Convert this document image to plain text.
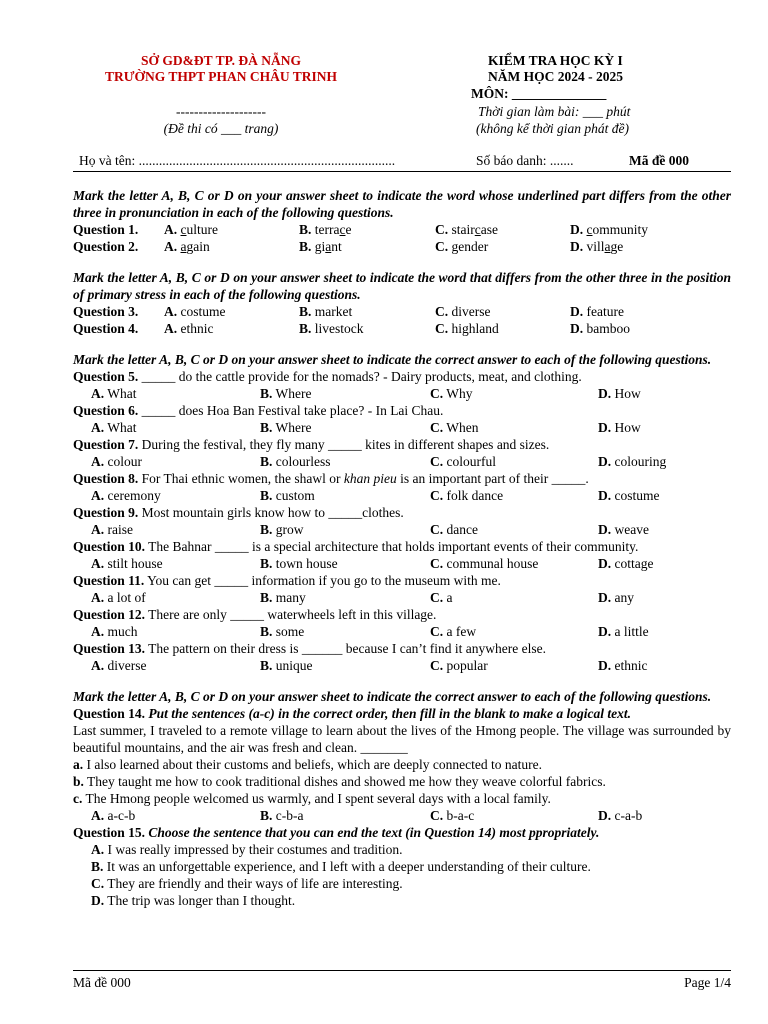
SỞ GD&ĐT TP. ĐÀ NẴNG
TRƯỜNG THPT PHAN CHÂU TRINH
--------------------
(Đề thi có ___ trang)
KIỂM TRA HỌC KỲ I
NĂM HỌC 2024 - 2025
MÔN: ______________
Thời gian làm bài: ___ phút
(không kể thời gian phát đề)
Họ và tên: ............................................................................	Số báo danh: .......	Mã đề 000
Mark the letter A, B, C or D on your answer sheet to indicate the word whose underlined part differs from the other three in pronunciation in each of the following questions.
Question 1. A. culture	B. terrace	C. staircase	D. community
Question 2. A. again	B. giant	C. gender	D. village
Mark the letter A, B, C or D on your answer sheet to indicate the word that differs from the other three in the position of primary stress in each of the following questions.
Question 3. A. costume	B. market	C. diverse	D. feature
Question 4. A. ethnic	B. livestock	C. highland	D. bamboo
Mark the letter A, B, C or D on your answer sheet to indicate the correct answer to each of the following questions.
Question 5. _____ do the cattle provide for the nomads? - Dairy products, meat, and clothing.
A. What	B. Where	C. Why	D. How
Question 6. _____ does Hoa Ban Festival take place? - In Lai Chau.
A. What	B. Where	C. When	D. How
Question 7. During the festival, they fly many _____ kites in different shapes and sizes.
A. colour	B. colourless	C. colourful	D. colouring
Question 8. For Thai ethnic women, the shawl or khan pieu is an important part of their _____.
A. ceremony	B. custom	C. folk dance	D. costume
Question 9. Most mountain girls know how to _____clothes.
A. raise	B. grow	C. dance	D. weave
Question 10. The Bahnar _____ is a special architecture that holds important events of their community.
A. stilt house	B. town house	C. communal house	D. cottage
Question 11. You can get _____ information if you go to the museum with me.
A. a lot of	B. many	C. a	D. any
Question 12. There are only _____ waterwheels left in this village.
A. much	B. some	C. a few	D. a little
Question 13. The pattern on their dress is ______ because I can’t find it anywhere else.
A. diverse	B. unique	C. popular	D. ethnic
Mark the letter A, B, C or D on your answer sheet to indicate the correct answer to each of the following questions.
Question 14. Put the sentences (a-c) in the correct order, then fill in the blank to make a logical text.
Last summer, I traveled to a remote village to learn about the lives of the Hmong people. The village was surrounded by beautiful mountains, and the air was fresh and clean. _______
a. I also learned about their customs and beliefs, which are deeply connected to nature.
b. They taught me how to cook traditional dishes and showed me how they weave colorful fabrics.
c. The Hmong people welcomed us warmly, and I spent several days with a local family.
A. a-c-b	B. c-b-a	C. b-a-c	D. c-a-b
Question 15. Choose the sentence that you can end the text (in Question 14) most ppropriately.
A. I was really impressed by their costumes and tradition.
B. It was an unforgettable experience, and I left with a deeper understanding of their culture.
C. They are friendly and their ways of life are interesting.
D. The trip was longer than I thought.
Mã đề 000	Page 1/4
